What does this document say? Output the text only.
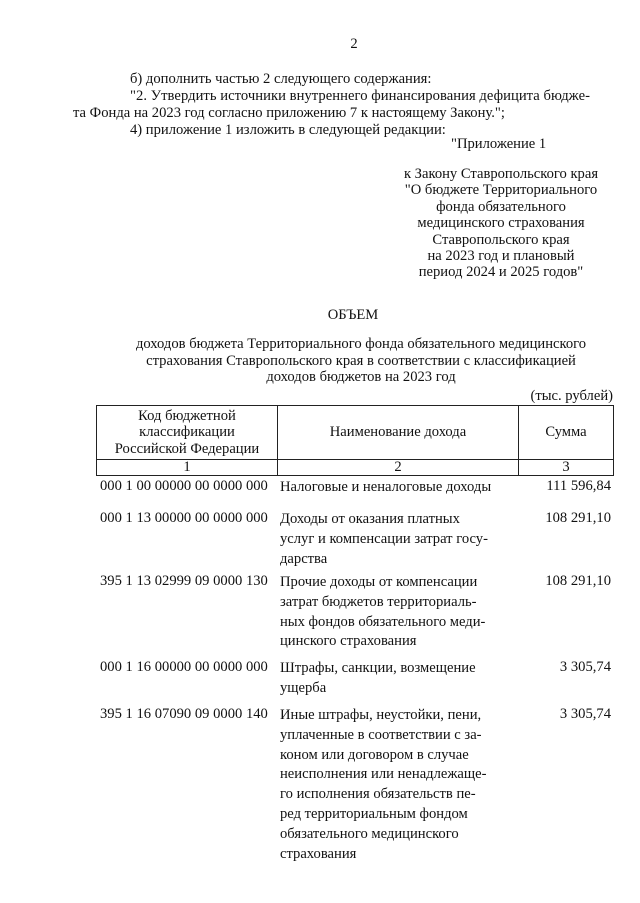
2
б) дополнить частью 2 следующего содержания:
"2. Утвердить источники внутреннего финансирования дефицита бюдже-
та Фонда на 2023 год согласно приложению 7 к настоящему Закону.";
4) приложение 1 изложить в следующей редакции:
"Приложение 1
к Закону Ставропольского края
"О бюджете Территориального
фонда обязательного
медицинского страхования
Ставропольского края
на 2023 год и плановый
период 2024 и 2025 годов"
ОБЪЕМ
доходов бюджета Территориального фонда обязательного медицинского
страхования Ставропольского края в соответствии с классификацией
доходов бюджетов на 2023 год
(тыс. рублей)
Код бюджетной
классификации
Российской Федерации	Наименование дохода	Сумма
1	2	3
000 1 00 00000 00 0000 000 Налоговые и неналоговые доходы	111 596,84
000 1 13 00000 00 0000 000 Доходы от оказания платных
услуг и компенсации затрат госу-
дарства
108 291,10
395 1 13 02999 09 0000 130 Прочие доходы от компенсации
затрат бюджетов территориаль-
ных фондов обязательного меди-
цинского страхования
108 291,10
000 1 16 00000 00 0000 000 Штрафы, санкции, возмещение
ущерба
3 305,74
395 1 16 07090 09 0000 140 Иные штрафы, неустойки, пени,
уплаченные в соответствии с за-
коном или договором в случае
неисполнения или ненадлежаще-
го исполнения обязательств пе-
ред территориальным фондом
обязательного медицинского
страхования
3 305,74
